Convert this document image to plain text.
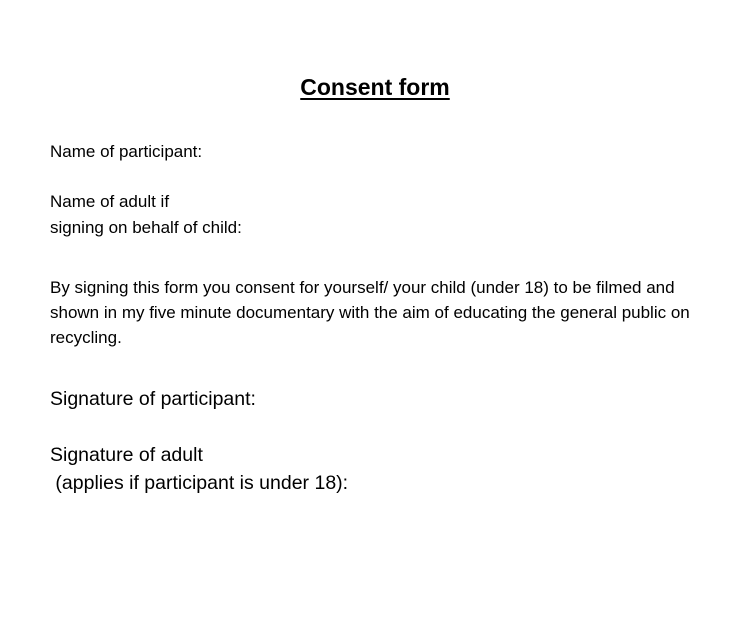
Consent form

Name of participant:

Name of adult if
signing on behalf of child:

By signing this form you consent for yourself/ your child (under 18) to be filmed and shown in my five minute documentary with the aim of educating the general public on recycling.

Signature of participant:

Signature of adult
(applies if participant is under 18):
